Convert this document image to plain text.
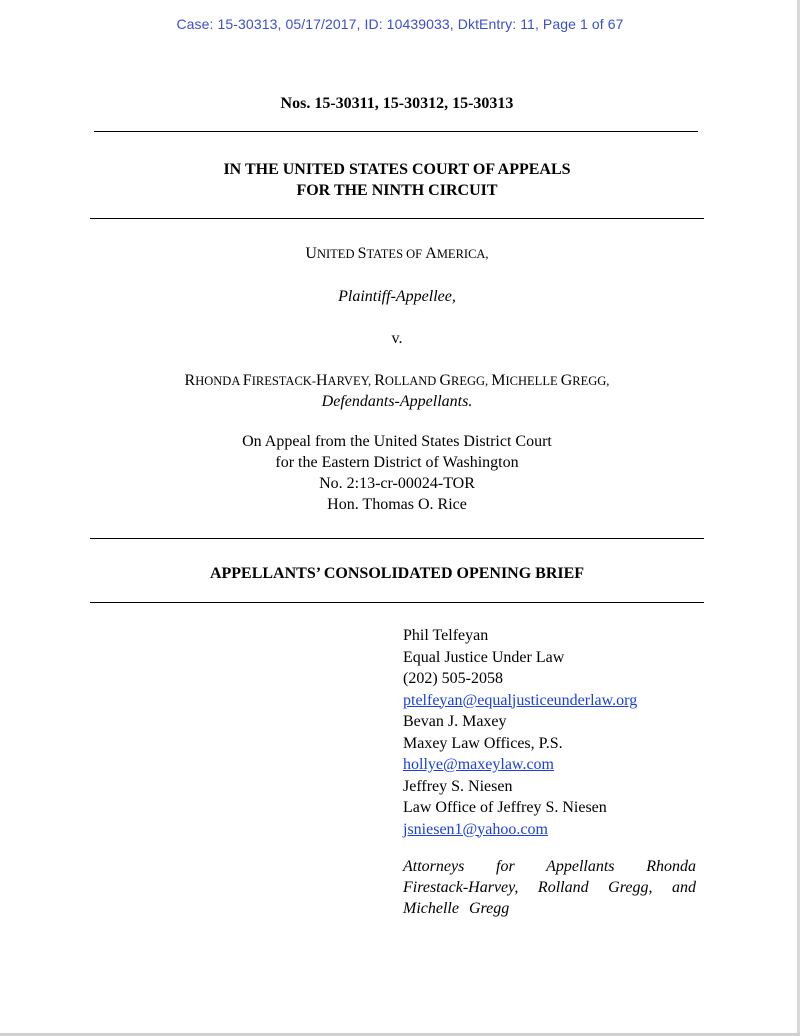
Case: 15-30313, 05/17/2017, ID: 10439033, DktEntry: 11, Page 1 of 67
Nos. 15-30311, 15-30312, 15-30313
IN THE UNITED STATES COURT OF APPEALS
FOR THE NINTH CIRCUIT
UNITED STATES OF AMERICA,
Plaintiff-Appellee,
v.
RHONDA FIRESTACK-HARVEY, ROLLAND GREGG, MICHELLE GREGG,
Defendants-Appellants.
On Appeal from the United States District Court
for the Eastern District of Washington
No. 2:13-cr-00024-TOR
Hon. Thomas O. Rice
APPELLANTS’ CONSOLIDATED OPENING BRIEF
Phil Telfeyan
Equal Justice Under Law
(202) 505-2058
ptelfeyan@equaljusticeunderlaw.org
Bevan J. Maxey
Maxey Law Offices, P.S.
hollye@maxeylaw.com
Jeffrey S. Niesen
Law Office of Jeffrey S. Niesen
jsniesen1@yahoo.com
Attorneys for Appellants Rhonda Firestack-Harvey, Rolland Gregg, and Michelle Gregg
